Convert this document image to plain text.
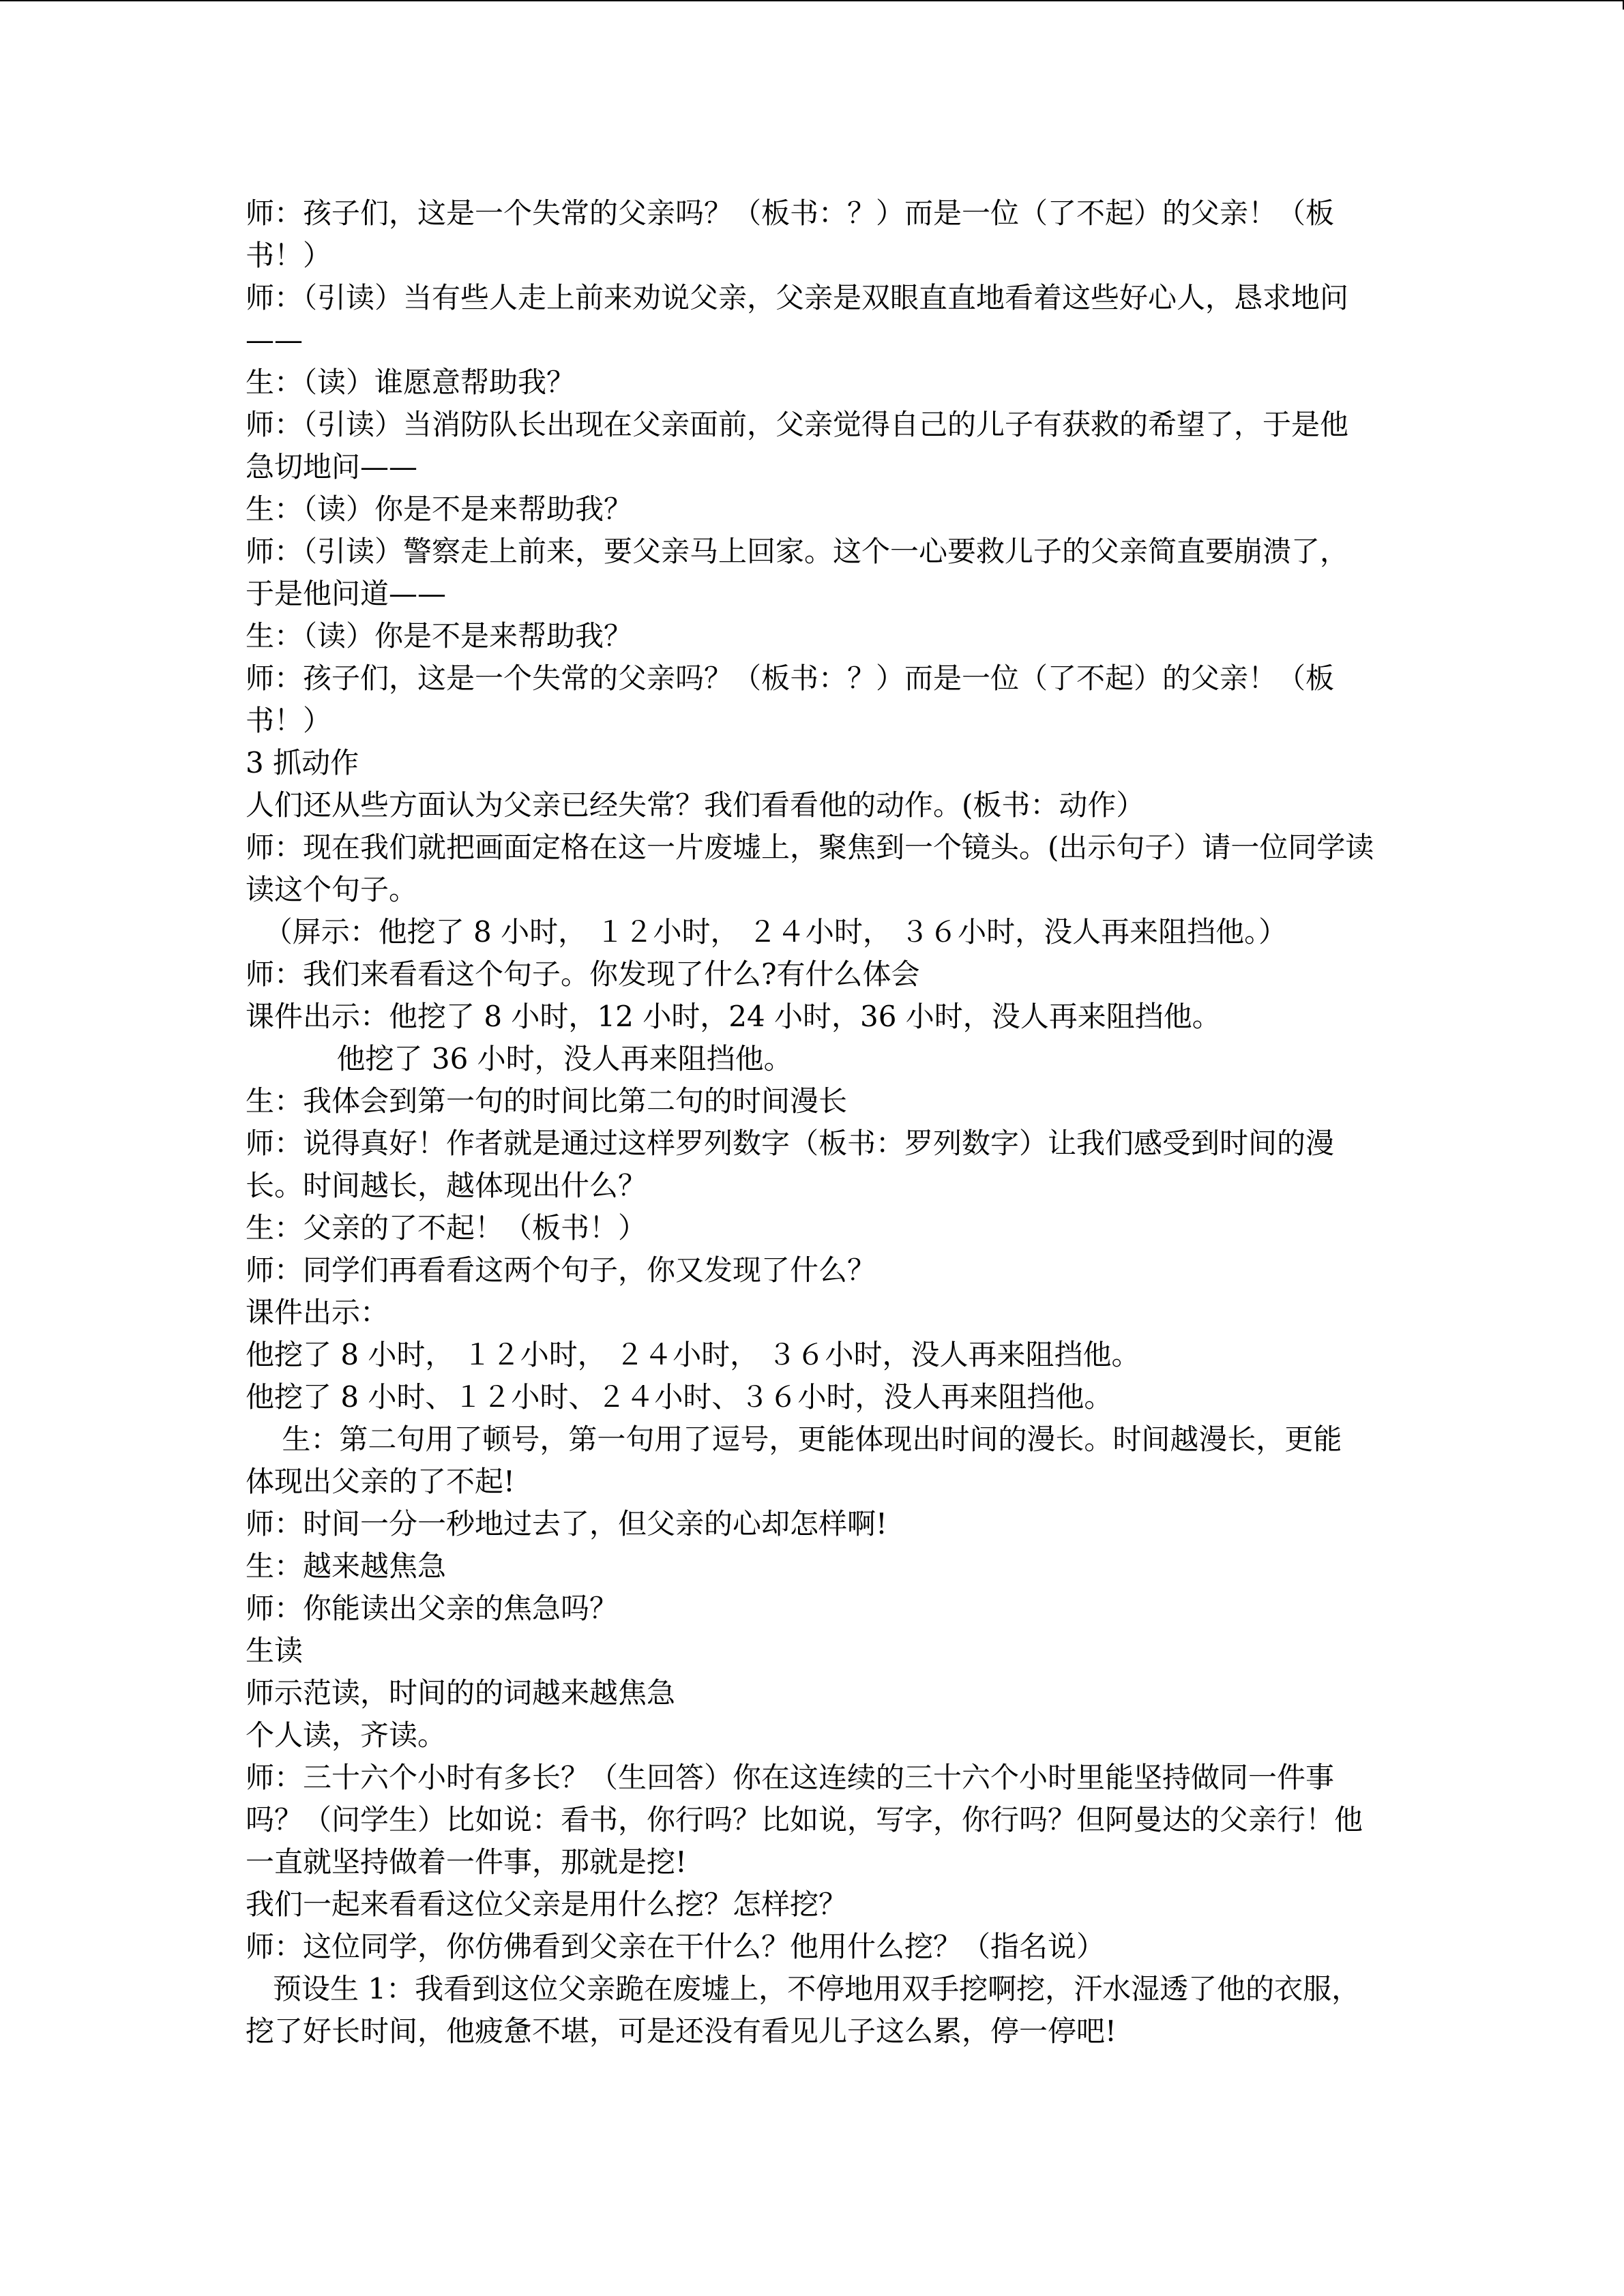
师：孩子们，这是一个失常的父亲吗？（板书：？）而是一位（了不起）的父亲！（板

书！）

师：（引读）当有些人走上前来劝说父亲，父亲是双眼直直地看着这些好心人，恳求地问

——

生：（读）谁愿意帮助我？

师：（引读）当消防队长出现在父亲面前，父亲觉得自己的儿子有获救的希望了，于是他

急切地问——

生：（读）你是不是来帮助我？

师：（引读）警察走上前来，要父亲马上回家。这个一心要救儿子的父亲简直要崩溃了，

于是他问道——

生：（读）你是不是来帮助我？

师：孩子们，这是一个失常的父亲吗？（板书：？）而是一位（了不起）的父亲！（板

书！）

3 抓动作

人们还从些方面认为父亲已经失常？我们看看他的动作。(板书：动作）

师：现在我们就把画面定格在这一片废墟上，聚焦到一个镜头。(出示句子）请一位同学读

读这个句子。

（屏示：他挖了 8 小时， １２小时， ２４小时， ３６小时，没人再来阻挡他。）

师：我们来看看这个句子。你发现了什么?有什么体会

课件出示：他挖了 8 小时，12 小时，24 小时，36 小时，没人再来阻挡他。

他挖了 36 小时，没人再来阻挡他。

生：我体会到第一句的时间比第二句的时间漫长

师：说得真好！作者就是通过这样罗列数字（板书：罗列数字）让我们感受到时间的漫

长。时间越长，越体现出什么？

生：父亲的了不起！（板书！）

师：同学们再看看这两个句子，你又发现了什么？

课件出示：

他挖了 8 小时， １２小时， ２４小时， ３６小时，没人再来阻挡他。

他挖了 8 小时、１２小时、２４小时、３６小时，没人再来阻挡他。

生：第二句用了顿号，第一句用了逗号，更能体现出时间的漫长。时间越漫长，更能

体现出父亲的了不起!

师：时间一分一秒地过去了，但父亲的心却怎样啊!

生：越来越焦急

师：你能读出父亲的焦急吗？

生读

师示范读，时间的的词越来越焦急

个人读，齐读。

师：三十六个小时有多长？（生回答）你在这连续的三十六个小时里能坚持做同一件事

吗？（问学生）比如说：看书，你行吗？比如说，写字，你行吗？但阿曼达的父亲行！他

一直就坚持做着一件事，那就是挖!

我们一起来看看这位父亲是用什么挖？怎样挖？

师：这位同学，你仿佛看到父亲在干什么？他用什么挖？（指名说）

预设生 1：我看到这位父亲跪在废墟上，不停地用双手挖啊挖，汗水湿透了他的衣服，

挖了好长时间，他疲惫不堪，可是还没有看见儿子这么累，停一停吧!
